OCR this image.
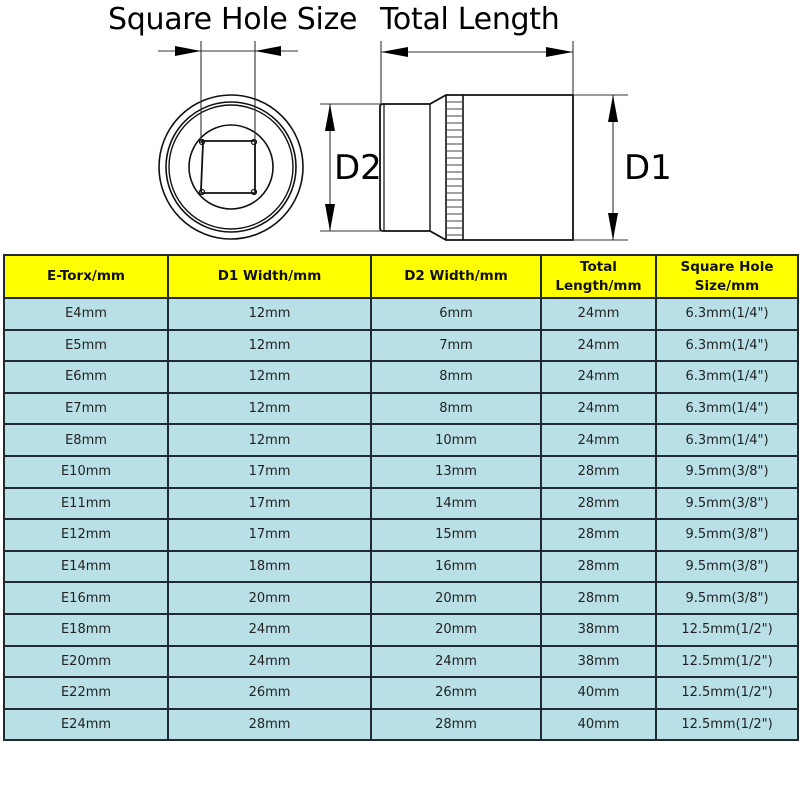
Square Hole Size Total Length
D2	D1
E-Torx/mm	D1 Width/mm	D2 Width/mm	Total Length/mm	Square Hole Size/mm
E4mm	12mm	6mm	24mm	6.3mm(1/4")
E5mm	12mm	7mm	24mm	6.3mm(1/4")
E6mm	12mm	8mm	24mm	6.3mm(1/4")
E7mm	12mm	8mm	24mm	6.3mm(1/4")
E8mm	12mm	10mm	24mm	6.3mm(1/4")
E10mm	17mm	13mm	28mm	9.5mm(3/8")
E11mm	17mm	14mm	28mm	9.5mm(3/8")
E12mm	17mm	15mm	28mm	9.5mm(3/8")
E14mm	18mm	16mm	28mm	9.5mm(3/8")
E16mm	20mm	20mm	28mm	9.5mm(3/8")
E18mm	24mm	20mm	38mm	12.5mm(1/2")
E20mm	24mm	24mm	38mm	12.5mm(1/2")
E22mm	26mm	26mm	40mm	12.5mm(1/2")
E24mm	28mm	28mm	40mm	12.5mm(1/2")
